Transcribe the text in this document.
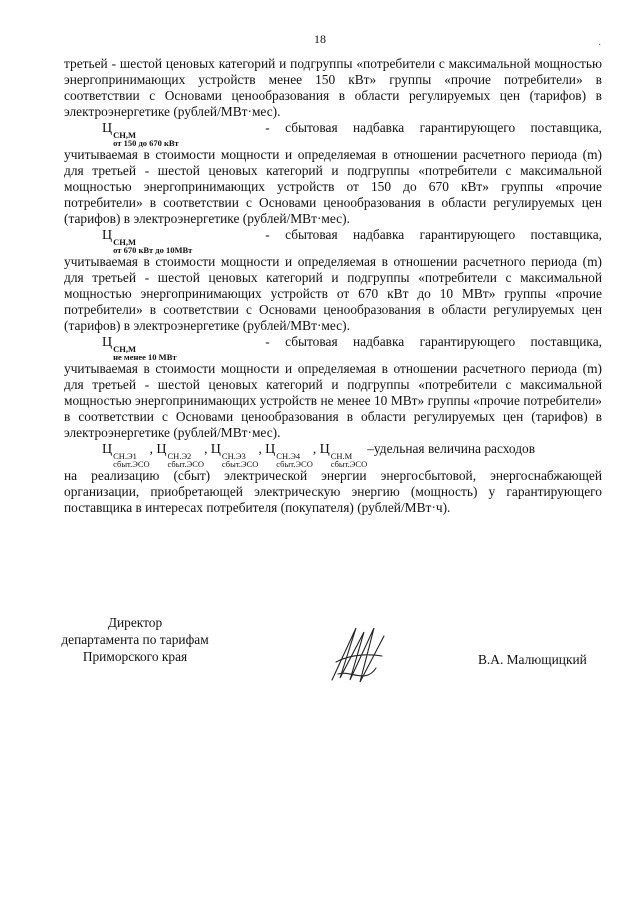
18	·

третьей - шестой ценовых категорий и подгруппы «потребители с максимальной мощностью энергопринимающих устройств менее 150 кВт» группы «прочие потребители» в соответствии с Основами ценообразования в области регулируемых цен (тарифов) в электроэнергетике (рублей/МВт·мес).

Ц СН,М
от 150 до 670 кВт
- сбытовая надбавка гарантирующего поставщика,

учитываемая в стоимости мощности и определяемая в отношении расчетного периода (m) для третьей - шестой ценовых категорий и подгруппы «потребители с максимальной мощностью энергопринимающих устройств от 150 до 670 кВт» группы «прочие потребители» в соответствии с Основами ценообразования в области регулируемых цен (тарифов) в электроэнергетике (рублей/МВт·мес).

Ц СН,М
от 670 кВт до 10МВт
- сбытовая надбавка гарантирующего поставщика,

учитываемая в стоимости мощности и определяемая в отношении расчетного периода (m) для третьей - шестой ценовых категорий и подгруппы «потребители с максимальной мощностью энергопринимающих устройств от 670 кВт до 10 МВт» группы «прочие потребители» в соответствии с Основами ценообразования в области регулируемых цен (тарифов) в электроэнергетике (рублей/МВт·мес).

Ц СН,М
не менее 10 МВт
- сбытовая надбавка гарантирующего поставщика,

учитываемая в стоимости мощности и определяемая в отношении расчетного периода (m) для третьей - шестой ценовых категорий и подгруппы «потребители с максимальной мощностью энергопринимающих устройств не менее 10 МВт» группы «прочие потребители» в соответствии с Основами ценообразования в области регулируемых цен (тарифов) в электроэнергетике (рублей/МВт·мес).

Ц СН.Э1
сбыт.ЭСО
, Ц СН.Э2
сбыт.ЭСО
, Ц СН.Э3
сбыт.ЭСО
, Ц СН.Э4
сбыт.ЭСО
, Ц СН.М
сбыт.ЭСО
–удельная величина расходов

на реализацию (сбыт) электрической энергии энергосбытовой, энергоснабжающей организации, приобретающей электрическую энергию (мощность) у гарантирующего поставщика в интересах потребителя (покупателя) (рублей/МВт·ч).

Директор
департамента по тарифам
Приморского края	В.А. Малющицкий
